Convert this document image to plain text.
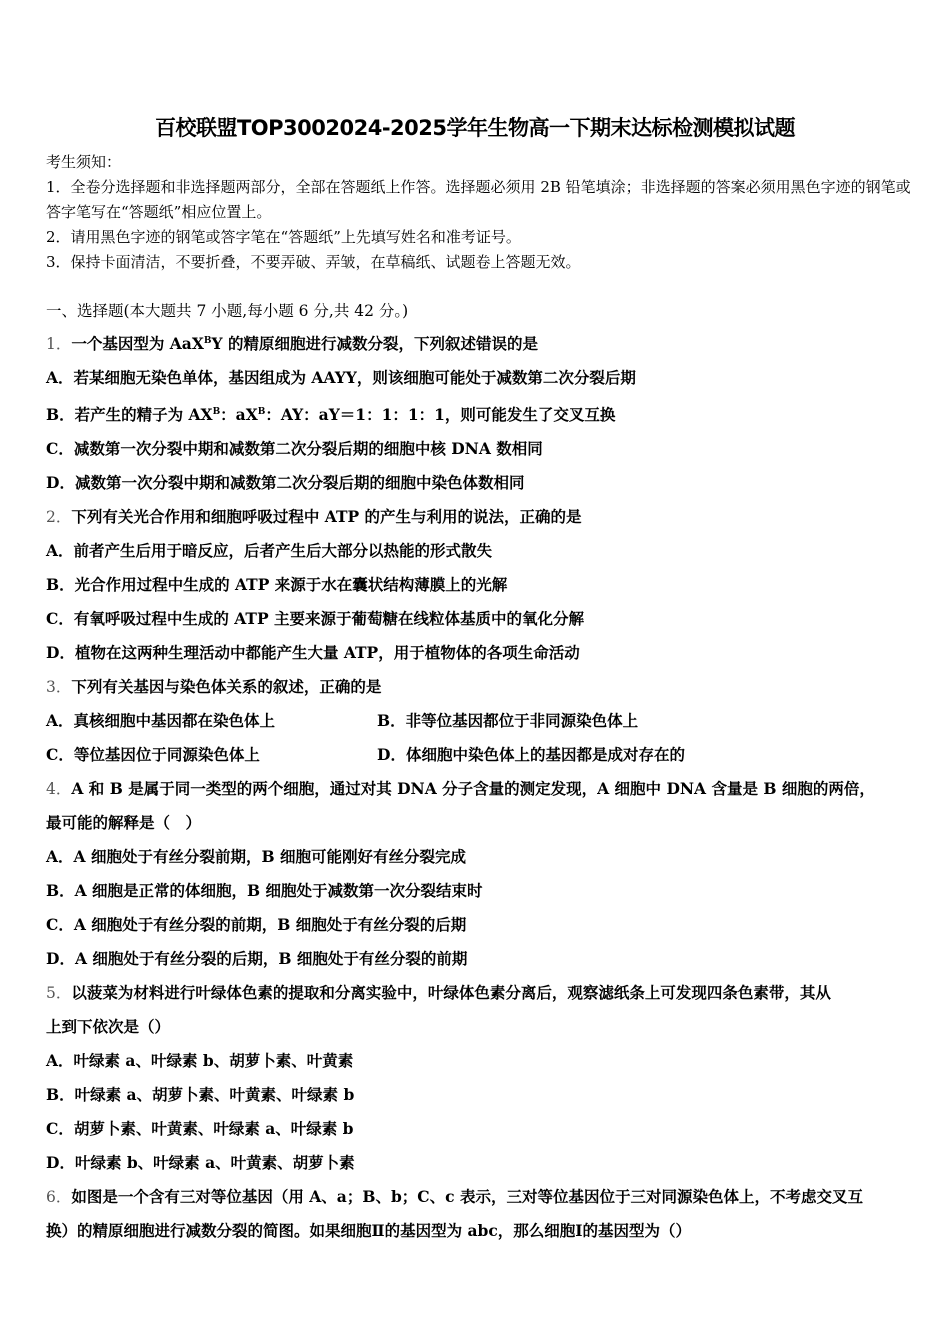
百校联盟TOP3002024-2025学年生物高一下期末达标检测模拟试题
考生须知：
1．全卷分选择题和非选择题两部分，全部在答题纸上作答。选择题必须用 2B 铅笔填涂；非选择题的答案必须用黑色字迹的钢笔或答字笔写在“答题纸”相应位置上。
2．请用黑色字迹的钢笔或答字笔在“答题纸”上先填写姓名和准考证号。
3．保持卡面清洁，不要折叠，不要弄破、弄皱，在草稿纸、试题卷上答题无效。
一、选择题(本大题共 7 小题,每小题 6 分,共 42 分。)
1．一个基因型为 AaX$^B$Y 的精原细胞进行减数分裂，下列叙述错误的是
A．若某细胞无染色单体，基因组成为 AAYY，则该细胞可能处于减数第二次分裂后期
B．若产生的精子为 $AX^B$：$aX^B$：AY：aY＝1：1：1：1，则可能发生了交叉互换
C．减数第一次分裂中期和减数第二次分裂后期的细胞中核 DNA 数相同
D．减数第一次分裂中期和减数第二次分裂后期的细胞中染色体数相同
2．下列有关光合作用和细胞呼吸过程中 ATP 的产生与利用的说法，正确的是
A．前者产生后用于暗反应，后者产生后大部分以热能的形式散失
B．光合作用过程中生成的 ATP 来源于水在囊状结构薄膜上的光解
C．有氧呼吸过程中生成的 ATP 主要来源于葡萄糖在线粒体基质中的氧化分解
D．植物在这两种生理活动中都能产生大量 ATP，用于植物体的各项生命活动
3．下列有关基因与染色体关系的叙述，正确的是
A．真核细胞中基因都在染色体上	B．非等位基因都位于非同源染色体上
C．等位基因位于同源染色体上	D．体细胞中染色体上的基因都是成对存在的
4．A 和 B 是属于同一类型的两个细胞，通过对其 DNA 分子含量的测定发现，A 细胞中 DNA 含量是 B 细胞的两倍，
最可能的解释是（　）
A．A 细胞处于有丝分裂前期，B 细胞可能刚好有丝分裂完成
B．A 细胞是正常的体细胞，B 细胞处于减数第一次分裂结束时
C．A 细胞处于有丝分裂的前期，B 细胞处于有丝分裂的后期
D．A 细胞处于有丝分裂的后期，B 细胞处于有丝分裂的前期
5．以菠菜为材料进行叶绿体色素的提取和分离实验中，叶绿体色素分离后，观察滤纸条上可发现四条色素带，其从
上到下依次是（）
A．叶绿素 a、叶绿素 b、胡萝卜素、叶黄素
B．叶绿素 a、胡萝卜素、叶黄素、叶绿素 b
C．胡萝卜素、叶黄素、叶绿素 a、叶绿素 b
D．叶绿素 b、叶绿素 a、叶黄素、胡萝卜素
6．如图是一个含有三对等位基因（用 A、a；B、b；C、c 表示，三对等位基因位于三对同源染色体上，不考虑交叉互
换）的精原细胞进行减数分裂的简图。如果细胞Ⅱ的基因型为 abc，那么细胞Ⅰ的基因型为（）
